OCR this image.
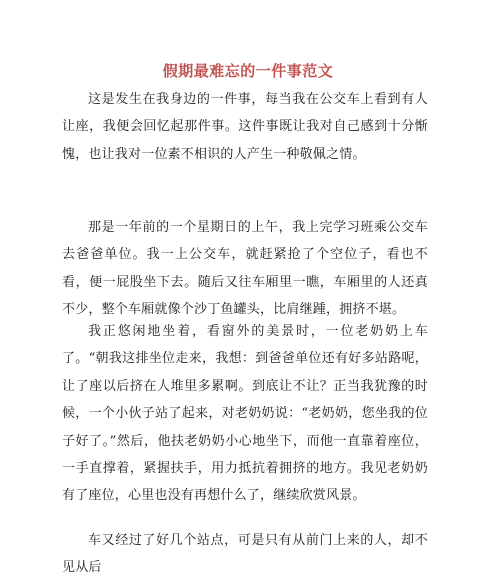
假期最难忘的一件事范文

这是发生在我身边的一件事，每当我在公交车上看到有人让座，我便会回忆起那件事。这件事既让我对自己感到十分惭愧，也让我对一位素不相识的人产生一种敬佩之情。

那是一年前的一个星期日的上午，我上完学习班乘公交车去爸爸单位。我一上公交车，就赶紧抢了个空位子，看也不看，便一屁股坐下去。随后又往车厢里一瞧，车厢里的人还真不少，整个车厢就像个沙丁鱼罐头，比肩继踵，拥挤不堪。

我正悠闲地坐着，看窗外的美景时，一位老奶奶上车了。“朝我这排坐位走来，我想：到爸爸单位还有好多站路呢，让了座以后挤在人堆里多累啊。到底让不让？正当我犹豫的时候，一个小伙子站了起来，对老奶奶说：“老奶奶，您坐我的位子好了。”然后，他扶老奶奶小心地坐下，而他一直靠着座位，一手直撑着，紧握扶手，用力抵抗着拥挤的地方。我见老奶奶有了座位，心里也没有再想什么了，继续欣赏风景。

车又经过了好几个站点，可是只有从前门上来的人，却不见从后
